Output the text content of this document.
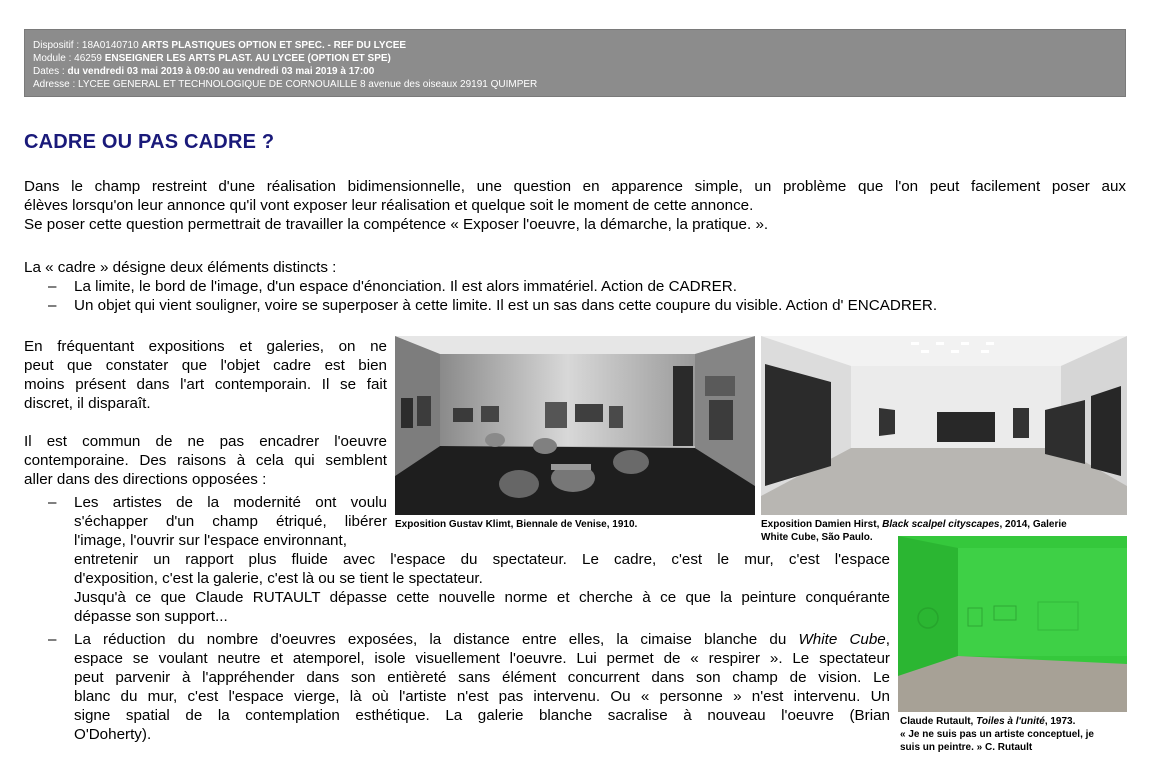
Dispositif : 18A0140710 ARTS PLASTIQUES OPTION ET SPEC. - REF DU LYCEE
Module : 46259 ENSEIGNER LES ARTS PLAST. AU LYCEE (OPTION ET SPE)
Dates : du vendredi 03 mai 2019 à 09:00 au vendredi 03 mai 2019 à 17:00
Adresse : LYCEE GENERAL ET TECHNOLOGIQUE DE CORNOUAILLE 8 avenue des oiseaux 29191 QUIMPER
CADRE OU PAS CADRE ?

Dans le champ restreint d'une réalisation bidimensionnelle, une question en apparence simple, un problème que l'on peut facilement poser aux
élèves lorsqu'on leur annonce qu'il vont exposer leur réalisation et quelque soit le moment de cette annonce.
Se poser cette question permettrait de travailler la compétence « Exposer l'oeuvre, la démarche, la pratique. ».

La « cadre » désigne deux éléments distincts :

– La limite, le bord de l'image, d'un espace d'énonciation. Il est alors immatériel. Action de CADRER.
– Un objet qui vient souligner, voire se superposer à cette limite. Il est un sas dans cette coupure du visible. Action d' ENCADRER.

En fréquentant expositions et galeries, on ne
peut que constater que l'objet cadre est bien
moins présent dans l'art contemporain. Il se fait
discret, il disparaît.

Il est commun de ne pas encadrer l'oeuvre
contemporaine. Des raisons à cela qui semblent
aller dans des directions opposées :

– Les artistes de la modernité ont voulu
s'échapper d'un champ étriqué, libérer
l'image, l'ouvrir sur l'espace environnant,
entretenir un rapport plus fluide avec l'espace du spectateur. Le cadre, c'est le mur, c'est l'espace
d'exposition, c'est la galerie, c'est là ou se tient le spectateur.
Jusqu'à ce que Claude RUTAULT dépasse cette nouvelle norme et cherche à ce que la peinture conquérante
dépasse son support...
– La réduction du nombre d'oeuvres exposées, la distance entre elles, la cimaise blanche du White Cube,
espace se voulant neutre et atemporel, isole visuellement l'oeuvre. Lui permet de « respirer ». Le spectateur
peut parvenir à l'appréhender dans son entièreté sans élément concurrent dans son champ de vision. Le
blanc du mur, c'est l'espace vierge, là où l'artiste n'est pas intervenu. Ou « personne » n'est intervenu. Un
signe spatial de la contemplation esthétique. La galerie blanche sacralise à nouveau l'oeuvre (Brian
O'Doherty).
Exposition Gustav Klimt, Biennale de Venise, 1910.	Exposition Damien Hirst, Black scalpel cityscapes, 2014, Galerie
White Cube, São Paulo.
Claude Rutault, Toiles à l'unité, 1973.
« Je ne suis pas un artiste conceptuel, je
suis un peintre. » C. Rutault
